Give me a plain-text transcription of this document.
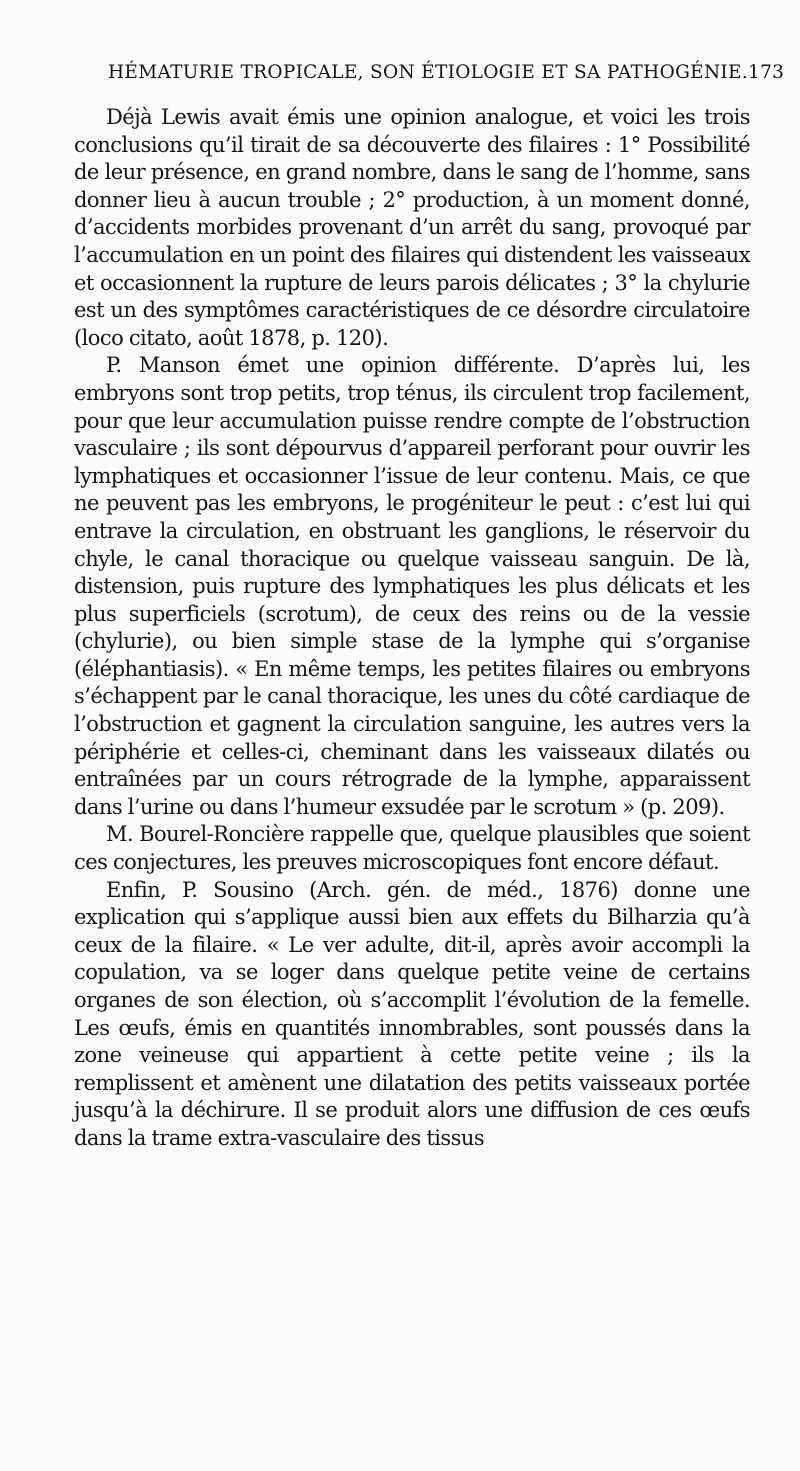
HÉMATURIE TROPICALE, SON ÉTIOLOGIE ET SA PATHOGÉNIE. 173

Déjà Lewis avait émis une opinion analogue, et voici les trois conclusions qu’il tirait de sa découverte des filaires : 1° Possibilité de leur présence, en grand nombre, dans le sang de l’homme, sans donner lieu à aucun trouble ; 2° production, à un moment donné, d’accidents morbides provenant d’un arrêt du sang, provoqué par l’accumulation en un point des filaires qui distendent les vaisseaux et occasionnent la rupture de leurs parois délicates ; 3° la chylurie est un des symptômes caractéristiques de ce désordre circulatoire (loco citato, août 1878, p. 120).

P. Manson émet une opinion différente. D’après lui, les embryons sont trop petits, trop ténus, ils circulent trop facilement, pour que leur accumulation puisse rendre compte de l’obstruction vasculaire ; ils sont dépourvus d’appareil perforant pour ouvrir les lymphatiques et occasionner l’issue de leur contenu. Mais, ce que ne peuvent pas les embryons, le progéniteur le peut : c’est lui qui entrave la circulation, en obstruant les ganglions, le réservoir du chyle, le canal thoracique ou quelque vaisseau sanguin. De là, distension, puis rupture des lymphatiques les plus délicats et les plus superficiels (scrotum), de ceux des reins ou de la vessie (chylurie), ou bien simple stase de la lymphe qui s’organise (éléphantiasis). « En même temps, les petites filaires ou embryons s’échappent par le canal thoracique, les unes du côté cardiaque de l’obstruction et gagnent la circulation sanguine, les autres vers la périphérie et celles-ci, cheminant dans les vaisseaux dilatés ou entraînées par un cours rétrograde de la lymphe, apparaissent dans l’urine ou dans l’humeur exsudée par le scrotum » (p. 209).

M. Bourel-Roncière rappelle que, quelque plausibles que soient ces conjectures, les preuves microscopiques font encore défaut.

Enfin, P. Sousino (Arch. gén. de méd., 1876) donne une explication qui s’applique aussi bien aux effets du Bilharzia qu’à ceux de la filaire. « Le ver adulte, dit-il, après avoir accompli la copulation, va se loger dans quelque petite veine de certains organes de son élection, où s’accomplit l’évolution de la femelle. Les œufs, émis en quantités innombrables, sont poussés dans la zone veineuse qui appartient à cette petite veine ; ils la remplissent et amènent une dilatation des petits vaisseaux portée jusqu’à la déchirure. Il se produit alors une diffusion de ces œufs dans la trame extra-vasculaire des tissus
